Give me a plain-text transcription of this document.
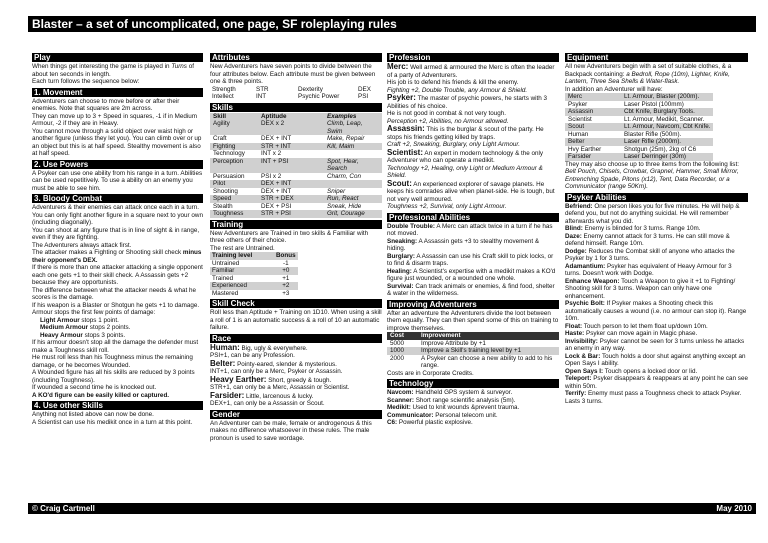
Blaster – a set of uncomplicated, one page, SF roleplaying rules
Play

When things get interesting the game is played in Turns of about ten seconds in length.

Each turn follows the sequence below:

1. Movement

Adventurers can choose to move before or after their enemies. Note that squares are 2m across.

They can move up to 3 + Speed in squares, -1 if in Medium Armour, -2 if they are in Heavy.

You cannot move through a solid object over waist high or another figure (unless they let you). You can climb over or up an object but this is at half speed. Stealthy movement is also at half speed.

2. Use Powers

A Psyker can use one ability from his range in a turn. Abilities can be used repetitively. To use a ability on an enemy you must be able to see him.

3. Bloody Combat

Adventurers & their enemies can attack once each in a turn. You can only fight another figure in a square next to your own (including diagonally).

You can shoot at any figure that is in line of sight & in range, even if they are fighting.

The Adventurers always attack first.

The attacker makes a Fighting or Shooting skill check minus their opponent's DEX.

If there is more than one attacker attacking a single opponent each one gets +1 to their skill check. A Assassin gets +2 because they are opportunists.

The difference between what the attacker needs & what he scores is the damage.

If his weapon is a Blaster or Shotgun he gets +1 to damage.

Armour stops the first few points of damage:

Light Armour stops 1 point.

Medium Armour stops 2 points.

Heavy Armour stops 3 points.

If his armour doesn't stop all the damage the defender must make a Toughness skill roll.

He must roll less than his Toughness minus the remaining damage, or he becomes Wounded.

A Wounded figure has all his skills are reduced by 3 points (including Toughness).

If wounded a second time he is knocked out.

A KO'd figure can be easily killed or captured.

4. Use other Skills

Anything not listed above can now be done.

A Scientist can use his medikit once in a turn at this point.

Attributes

New Adventurers have seven points to divide between the four attributes below. Each attribute must be given between one & three points.

Strength	STR	Dexterity	DEX
Intellect	INT	Psychic Power	PSI
Skills
Skill	Aptitude	Examples
Agility	DEX x 2	Climb, Leap, Swim
Craft	DEX + INT	Make, Repair
Fighting	STR + INT	Kill, Maim
Technology	INT x 2	
Perception	INT + PSI	Spot, Hear, Search
Persuasion	PSI x 2	Charm, Con
Pilot	DEX + INT	
Shooting	DEX + INT	Sniper
Speed	STR + DEX	Run, React
Stealth	DEX + PSI	Sneak, Hide
Toughness	STR + PSI	Grit, Courage
Training

New Adventurers are Trained in two skills & Familiar with three others of their choice.

The rest are Untrained.

Training level	Bonus
Untrained	-1
Familiar	+0
Trained	+1
Experienced	+2
Mastered	+3
Skill Check

Roll less than Aptitude + Training on 1D10. When using a skill a roll of 1 is an automatic success & a roll of 10 an automatic failure.

Race

Human: Big, ugly & everywhere.

PSI+1, can be any Profession.

Belter: Pointy-eared, slender & mysterious.

INT+1, can only be a Merc, Psyker or Assassin.

Heavy Earther: Short, greedy & tough.

STR+1, can only be a Merc, Assassin or Scientist.

Farsider: Little, larcenous & lucky.

DEX+1, can only be a Assassin or Scout.

Gender

An Adventurer can be male, female or androgenous & this makes no difference whatsoever in these rules. The male pronoun is used to save wordage.

Profession

Merc: Well armed & armoured the Merc is often the leader of a party of Adventurers.

His job is to defend his friends & kill the enemy.

Fighting +2, Double Trouble, any Armour & Shield.

Psyker: The master of psychic powers, he starts with 3 Abilities of his choice.

He is not good in combat & not very tough.

Perception +2, Abilities, no Armour allowed.

Assassin: This is the burglar & scout of the party. He stops his friends getting killed by traps.

Craft +2, Sneaking, Burglary, only Light Armour.

Scientist: An expert in modern technology & the only Adventurer who can operate a medikit.

Technology +2, Healing, only Light or Medium Armour & Shield.

Scout: An experienced explorer of savage planets. He keeps his comrades alive when planet-side. He is tough, but not very well armoured.

Toughness +2, Survival, only Light Armour.

Professional Abilities

Double Trouble: A Merc can attack twice in a turn if he has not moved.

Sneaking: A Assassin gets +3 to stealthy movement & hiding.

Burglary: A Assassin can use his Craft skill to pick locks, or to find & disarm traps.

Healing: A Scientist's expertise with a medikit makes a KO'd figure just wounded, or a wounded one whole.

Survival: Can track animals or enemies, & find food, shelter & water in the wilderness.

Improving Adventurers

After an adventure the Adventurers divide the loot between them equally. They can then spend some of this on training to improve themselves.

Cost	Improvement
5000	Improve Attribute by +1
1000	Improve a Skill's training level by +1
2000	A Psyker can choose a new ability to add to his range.

Costs are in Corporate Credits.

Technology

Navcom: Handheld GPS system & surveyor.

Scanner: Short range scientific analysis (5m).

Medikit: Used to knit wounds &prevent trauma.

Communicator: Personal telecom unit.

C6: Powerful plastic explosive.

Equipment

All new Adventurers begin with a set of suitable clothes, & a Backpack containing: a Bedroll, Rope (10m), Lighter, Knife, Lantern, Three Sea Shells & Water-flask.

In addition an Adventurer will have:

Merc	Lt. Armour, Blaster (200m).
Psyker	Laser Pistol (100mm)
Assassin	Cbt Knife, Burglary Tools.
Scientist	Lt. Armour, Medikit, Scanner.
Scout	Lt. Armour, Navcom, Cbt Knife.
Human	Blaster Rifle (500m).
Belter	Laser Rifle (2000m).
Hvy Earther	Shotgun (25m), 2kg of C6
Farsider	Laser Derringer (30m)

They may also choose up to three items from the following list: Belt Pouch, Chisels, Crowbar, Grapnel, Hammer, Small Mirror, Entrenching Spade, Pitons (x12), Tent, Data Recorder, or a Communicator (range 50Km).

Psyker Abilities

Befriend: One person likes you for five minutes. He will help & defend you, but not do anything suicidal. He will remember afterwards what you did.

Blind: Enemy is blinded for 3 turns. Range 10m.

Daze: Enemy cannot attack for 3 turns. He can still move & defend himself. Range 10m.

Dodge: Reduces the Combat skill of anyone who attacks the Psyker by 1 for 3 turns.

Adamantium: Psyker has equivalent of Heavy Armour for 3 turns. Doesn't work with Dodge.

Enhance Weapon: Touch a Weapon to give it +1 to Fighting/ Shooting skill for 3 turns. Weapon can only have one enhancement.

Psychic Bolt: If Psyker makes a Shooting check this automatically causes a wound (i.e. no armour can stop it). Range 10m.

Float: Touch person to let them float up/down 10m.

Haste: Psyker can move again in Magic phase.

Invisibility: Psyker cannot be seen for 3 turns unless he attacks an enemy in any way.

Lock & Bar: Touch holds a door shut against anything except an Open Says I ability.

Open Says I: Touch opens a locked door or lid.

Teleport: Psyker disappears & reappears at any point he can see within 50m.

Terrify: Enemy must pass a Toughness check to attack Psyker. Lasts 3 turns.

© Craig Cartmell	May 2010
